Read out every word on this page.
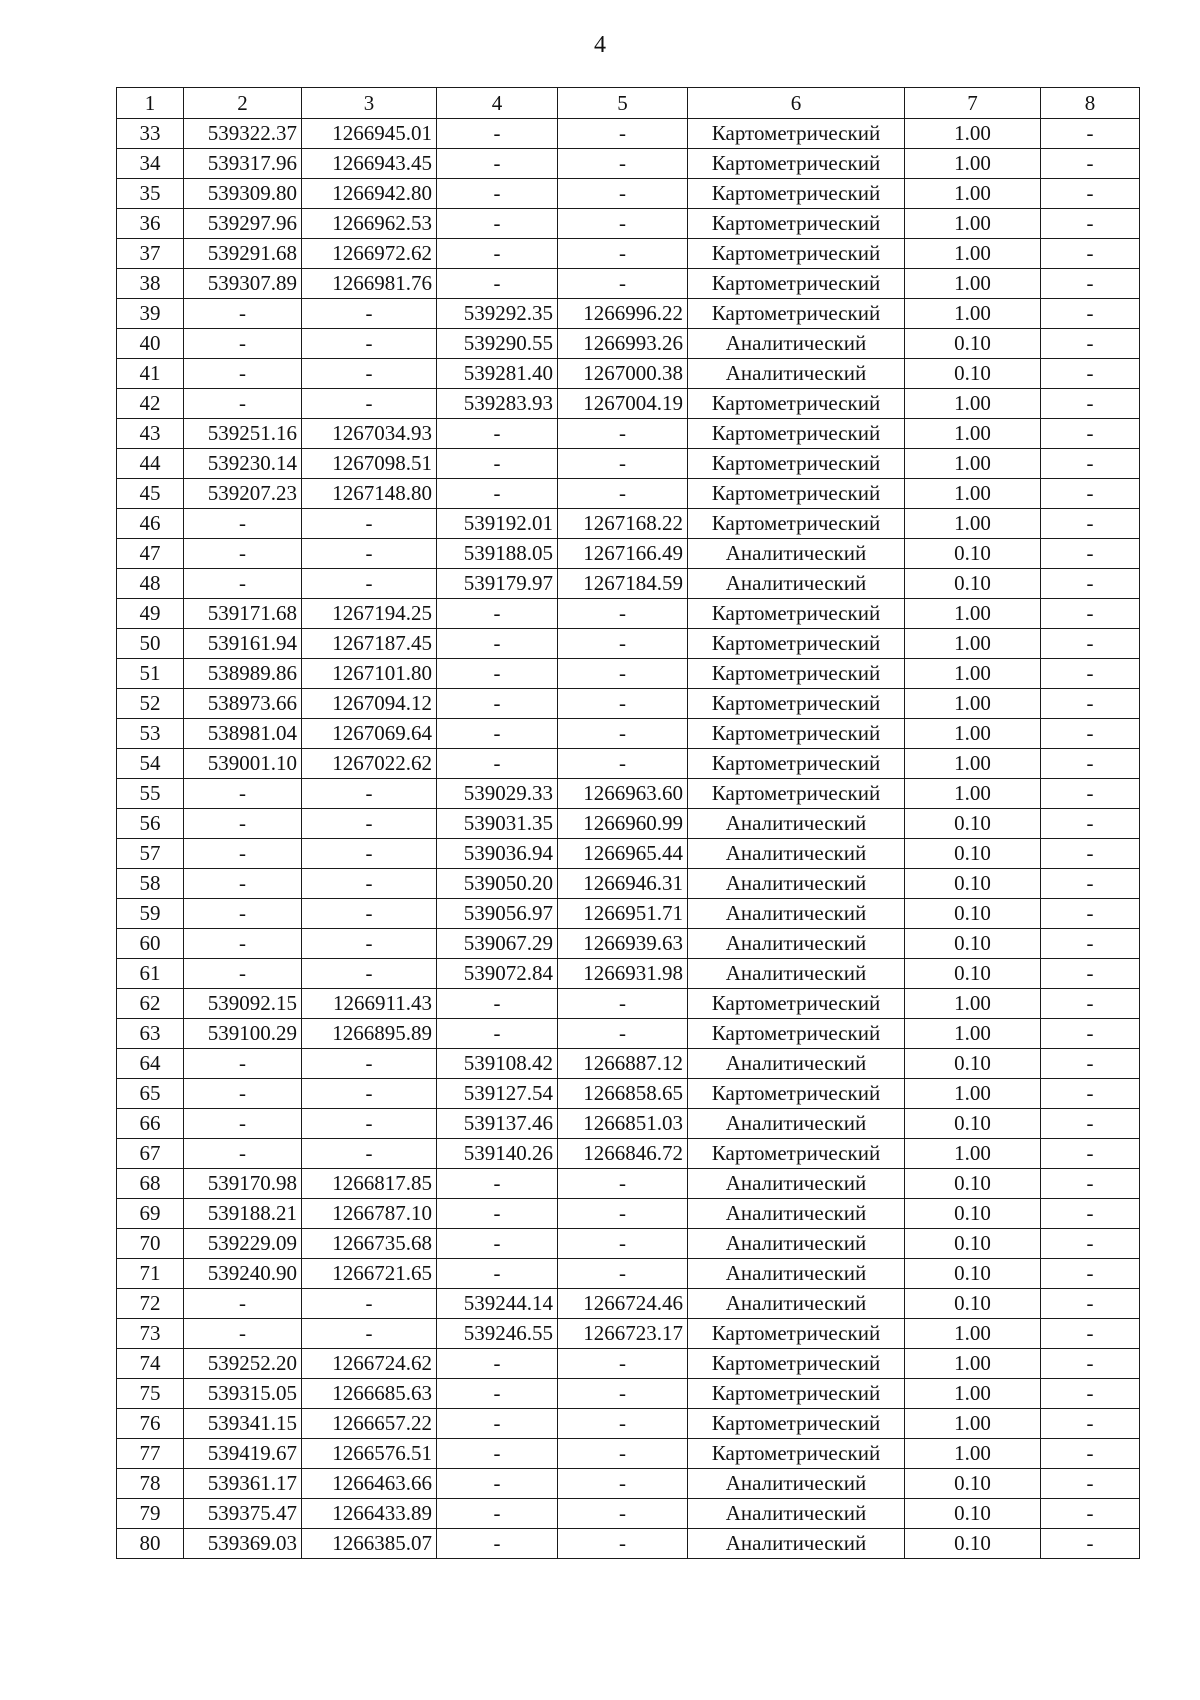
4
1	2	3	4	5	6	7	8
33	539322.37	1266945.01	-	-	Картометрический	1.00	-
34	539317.96	1266943.45	-	-	Картометрический	1.00	-
35	539309.80	1266942.80	-	-	Картометрический	1.00	-
36	539297.96	1266962.53	-	-	Картометрический	1.00	-
37	539291.68	1266972.62	-	-	Картометрический	1.00	-
38	539307.89	1266981.76	-	-	Картометрический	1.00	-
39	-	-	539292.35	1266996.22	Картометрический	1.00	-
40	-	-	539290.55	1266993.26	Аналитический	0.10	-
41	-	-	539281.40	1267000.38	Аналитический	0.10	-
42	-	-	539283.93	1267004.19	Картометрический	1.00	-
43	539251.16	1267034.93	-	-	Картометрический	1.00	-
44	539230.14	1267098.51	-	-	Картометрический	1.00	-
45	539207.23	1267148.80	-	-	Картометрический	1.00	-
46	-	-	539192.01	1267168.22	Картометрический	1.00	-
47	-	-	539188.05	1267166.49	Аналитический	0.10	-
48	-	-	539179.97	1267184.59	Аналитический	0.10	-
49	539171.68	1267194.25	-	-	Картометрический	1.00	-
50	539161.94	1267187.45	-	-	Картометрический	1.00	-
51	538989.86	1267101.80	-	-	Картометрический	1.00	-
52	538973.66	1267094.12	-	-	Картометрический	1.00	-
53	538981.04	1267069.64	-	-	Картометрический	1.00	-
54	539001.10	1267022.62	-	-	Картометрический	1.00	-
55	-	-	539029.33	1266963.60	Картометрический	1.00	-
56	-	-	539031.35	1266960.99	Аналитический	0.10	-
57	-	-	539036.94	1266965.44	Аналитический	0.10	-
58	-	-	539050.20	1266946.31	Аналитический	0.10	-
59	-	-	539056.97	1266951.71	Аналитический	0.10	-
60	-	-	539067.29	1266939.63	Аналитический	0.10	-
61	-	-	539072.84	1266931.98	Аналитический	0.10	-
62	539092.15	1266911.43	-	-	Картометрический	1.00	-
63	539100.29	1266895.89	-	-	Картометрический	1.00	-
64	-	-	539108.42	1266887.12	Аналитический	0.10	-
65	-	-	539127.54	1266858.65	Картометрический	1.00	-
66	-	-	539137.46	1266851.03	Аналитический	0.10	-
67	-	-	539140.26	1266846.72	Картометрический	1.00	-
68	539170.98	1266817.85	-	-	Аналитический	0.10	-
69	539188.21	1266787.10	-	-	Аналитический	0.10	-
70	539229.09	1266735.68	-	-	Аналитический	0.10	-
71	539240.90	1266721.65	-	-	Аналитический	0.10	-
72	-	-	539244.14	1266724.46	Аналитический	0.10	-
73	-	-	539246.55	1266723.17	Картометрический	1.00	-
74	539252.20	1266724.62	-	-	Картометрический	1.00	-
75	539315.05	1266685.63	-	-	Картометрический	1.00	-
76	539341.15	1266657.22	-	-	Картометрический	1.00	-
77	539419.67	1266576.51	-	-	Картометрический	1.00	-
78	539361.17	1266463.66	-	-	Аналитический	0.10	-
79	539375.47	1266433.89	-	-	Аналитический	0.10	-
80	539369.03	1266385.07	-	-	Аналитический	0.10	-
